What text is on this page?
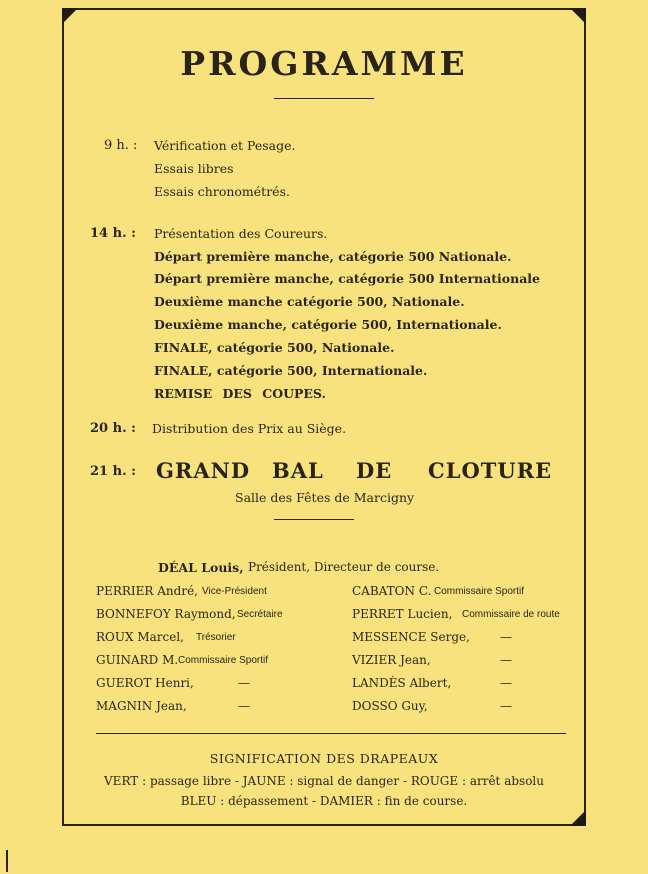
PROGRAMME
9 h. : Vérification et Pesage.
Essais libres
Essais chronométrés.
14 h. : Présentation des Coureurs.
Départ première manche, catégorie 500 Nationale.
Départ première manche, catégorie 500 Internationale
Deuxième manche catégorie 500, Nationale.
Deuxième manche, catégorie 500, Internationale.
FINALE, catégorie 500, Nationale.
FINALE, catégorie 500, Internationale.
REMISE DES COUPES.
20 h. : Distribution des Prix au Siège.
21 h. : GRAND BAL DE CLOTURE
Salle des Fêtes de Marcigny
DÉAL Louis, Président, Directeur de course.
PERRIER André, Vice-Président
BONNEFOY Raymond, Secrétaire
ROUX Marcel, Trésorier
GUINARD M. Commissaire Sportif
GUEROT Henri,	—
MAGNIN Jean,	—
CABATON C. Commissaire Sportif
PERRET Lucien, Commissaire de route
MESSENCE Serge,	—
VIZIER Jean,	—
LANDÈS Albert,	—
DOSSO Guy,	—
SIGNIFICATION DES DRAPEAUX
VERT : passage libre - JAUNE : signal de danger - ROUGE : arrêt absolu
BLEU : dépassement - DAMIER : fin de course.
